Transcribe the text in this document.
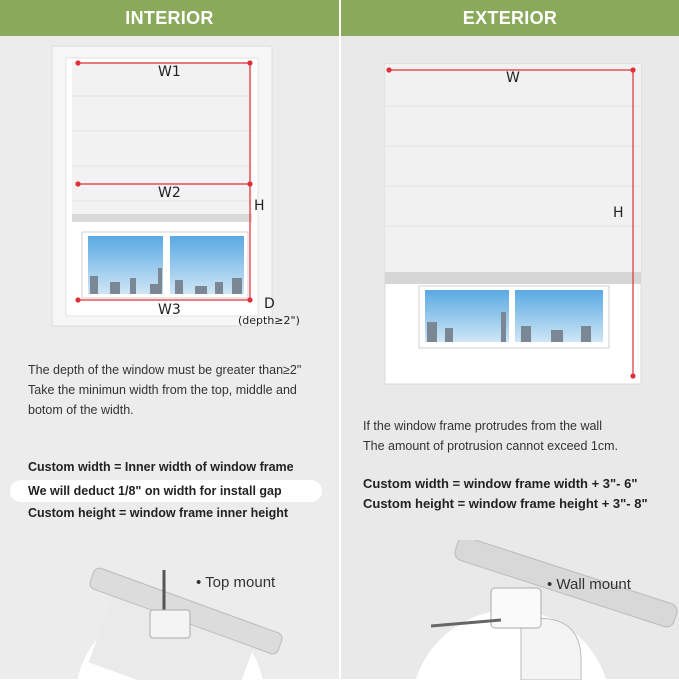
INTERIOR
W1
W2
H
W3	D
(depth≥2")
The depth of the window must be greater than≥2"
Take the minimun width from the top, middle and
botom of the width.
Custom width = Inner width of window frame
We will deduct 1/8" on width for install gap
Custom height = window frame inner height
• Top mount
EXTERIOR
W
H
If the window frame protrudes from the wall
The amount of protrusion cannot exceed 1cm.
Custom width = window frame width + 3"- 6"
Custom height = window frame height + 3"- 8"
• Wall mount
